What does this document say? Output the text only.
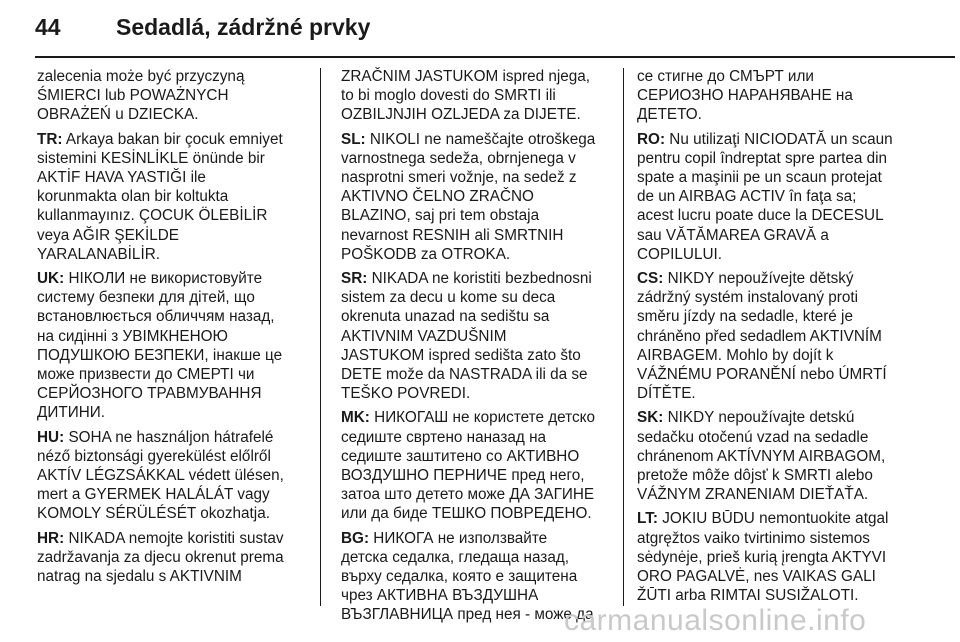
44 Sedadlá, zádržné prvky

zalecenia może być przyczyną
ŚMIERCI lub POWAŻNYCH
OBRAŻEŃ u DZIECKA.

TR: Arkaya bakan bir çocuk emniyet
sistemini KESİNLİKLE önünde bir
AKTİF HAVA YASTIĞI ile
korunmakta olan bir koltukta
kullanmayınız. ÇOCUK ÖLEBİLİR
veya AĞIR ŞEKİLDE
YARALANABİLİR.

UK: НІКОЛИ не використовуйте
систему безпеки для дітей, що
встановлюється обличчям назад,
на сидінні з УВІМКНЕНОЮ
ПОДУШКОЮ БЕЗПЕКИ, інакше це
може призвести до СМЕРТІ чи
СЕРЙОЗНОГО ТРАВМУВАННЯ
ДИТИНИ.

HU: SOHA ne használjon hátrafelé
néző biztonsági gyerekülést előlről
AKTÍV LÉGZSÁKKAL védett ülésen,
mert a GYERMEK HALÁLÁT vagy
KOMOLY SÉRÜLÉSÉT okozhatja.

HR: NIKADA nemojte koristiti sustav
zadržavanja za djecu okrenut prema
natrag na sjedalu s AKTIVNIM

ZRAČNIM JASTUKOM ispred njega,
to bi moglo dovesti do SMRTI ili
OZBILJNJIH OZLJEDA za DIJETE.

SL: NIKOLI ne nameščajte otroškega
varnostnega sedeža, obrnjenega v
nasprotni smeri vožnje, na sedež z
AKTIVNO ČELNO ZRAČNO
BLAZINO, saj pri tem obstaja
nevarnost RESNIH ali SMRTNIH
POŠKODB za OTROKA.

SR: NIKADA ne koristiti bezbednosni
sistem za decu u kome su deca
okrenuta unazad na sedištu sa
AKTIVNIM VAZDUŠNIM
JASTUKOM ispred sedišta zato što
DETE može da NASTRADA ili da se
TEŠKO POVREDI.

MK: НИКОГАШ не користете детско
седиште свртено наназад на
седиште заштитено со АКТИВНО
ВОЗДУШНО ПЕРНИЧЕ пред него,
затоа што детето може ДА ЗАГИНЕ
или да биде ТЕШКО ПОВРЕДЕНО.

BG: НИКОГА не използвайте
детска седалка, гледаща назад,
върху седалка, която е защитена
чрез АКТИВНА ВЪЗДУШНА
ВЪЗГЛАВНИЦА пред нея - може да

се стигне до СМЪРТ или
СЕРИОЗНО НАРАНЯВАНЕ на
ДЕТЕТО.

RO: Nu utilizaţi NICIODATĂ un scaun
pentru copil îndreptat spre partea din
spate a maşinii pe un scaun protejat
de un AIRBAG ACTIV în faţa sa;
acest lucru poate duce la DECESUL
sau VĂTĂMAREA GRAVĂ a
COPILULUI.

CS: NIKDY nepoužívejte dětský
zádržný systém instalovaný proti
směru jízdy na sedadle, které je
chráněno před sedadlem AKTIVNÍM
AIRBAGEM. Mohlo by dojít k
VÁŽNÉMU PORANĚNÍ nebo ÚMRTÍ
DÍTĚTE.

SK: NIKDY nepoužívajte detskú
sedačku otočenú vzad na sedadle
chránenom AKTÍVNYM AIRBAGOM,
pretože môže dôjsť k SMRTI alebo
VÁŽNYM ZRANENIAM DIEŤAŤA.

LT: JOKIU BŪDU nemontuokite atgal
atgręžtos vaiko tvirtinimo sistemos
sėdynėje, prieš kurią įrengta AKTYVI
ORO PAGALVĖ, nes VAIKAS GALI
ŽŪTI arba RIMTAI SUSIŽALOTI.

carmanualsonline.info
